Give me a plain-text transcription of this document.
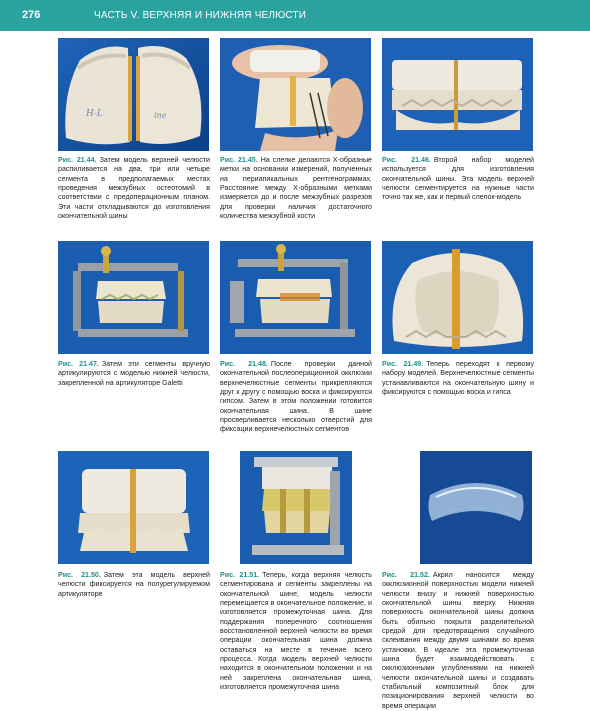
276	ЧАСТЬ V. ВЕРХНЯЯ И НИЖНЯЯ ЧЕЛЮСТИ
H-L	ine

Рис. 21.44. Затем модель верхней челюсти распиливается на два, три или четыре сегмента в предполагаемых местах проведения межзубных остеотомий в соответствии с предоперационным планом. Эти части откладываются до изготовления окончательной шины

Рис. 21.45. На слепке делаются Х-образные метки на основании измерений, полученных на периапикальных рентгенограммах. Расстояние между Х-образными метками измеряется до и после межзубных разрезов для проверки наличия достаточного количества межзубной кости

Рис. 21.46. Второй набор моделей используется для изготовления окончательной шины. Эта модель верхней челюсти сегментируется на нужные части точно так же, как и первый слепок-модель

Рис. 21.47. Затем эти сегменты вручную артикулируются с моделью нижней челюсти, закрепленной на артикуляторе Galetti

Рис. 21.48. После проверки данной окончательной послеоперационной окклюзии верхнечелюстные сегменты прикрепляются друг к другу с помощью воска и фиксируются гипсом. Затем в этом положении готовится окончательная шина. В шине просверливается несколько отверстий для фиксации верхнечелюстных сегментов

Рис. 21.49. Теперь переходят к первому набору моделей. Верхнечелюстные сегменты устанавливаются на окончательную шину и фиксируются с помощью воска и гипса

Рис. 21.50. Затем эта модель верхней челюсти фиксируется на полурегулируемом артикуляторе

Рис. 21.51. Теперь, когда верхняя челюсть сегментирована и сегменты закреплены на окончательной шине, модель челюсти перемещается в окончательное положение, и изготовляется промежуточная шина. Для поддержания поперечного соотношения восстановленной верхней челюсти во время операции окончательная шина должна оставаться на месте в течение всего процесса. Когда модель верхней челюсти находится в окончательном положении и на ней закреплена окончательная шина, изготовляется промежуточная шина

Рис. 21.52. Акрил наносится между окклюзионной поверхностью модели нижней челюсти внизу и нижней поверхностью окончательной шины вверху. Нижняя поверхность окончательной шины должна быть обильно покрыта разделительной средой для предотвращения случайного склеивания между двумя шинами во время установки. В идеале эта промежуточная шина будет взаимодействовать с окклюзионными углублениями на нижней челюсти окончательной шины и создавать стабильный композитный блок для позиционирования верхней челюсти во время операции
